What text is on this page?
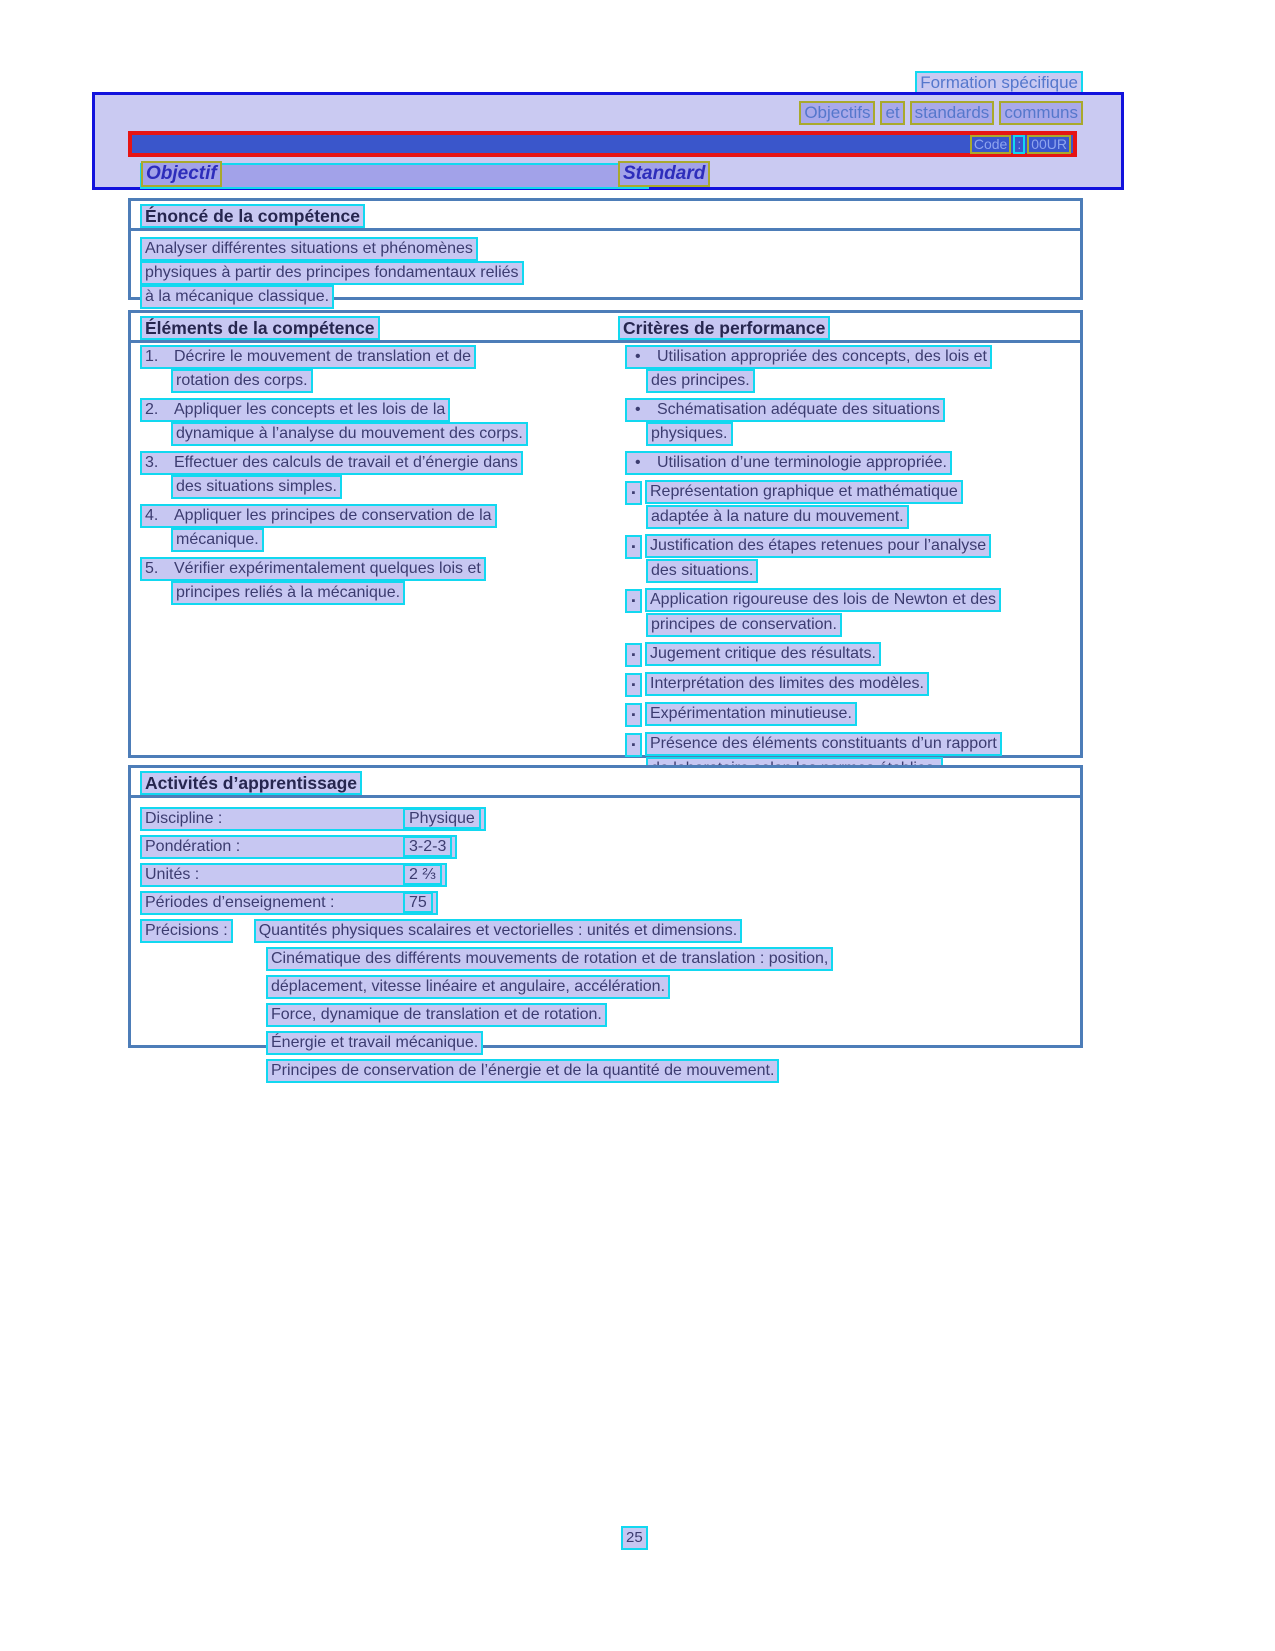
Formation spécifique
Objectifs et standards communs
Code : 00UR
Objectif	Standard
Énoncé de la compétence
Analyser différentes situations et phénomènes
physiques à partir des principes fondamentaux reliés
à la mécanique classique.
Éléments de la compétence	Critères de performance
1. Décrire le mouvement de translation et de
rotation des corps.
2. Appliquer les concepts et les lois de la
dynamique à l’analyse du mouvement des corps.
3. Effectuer des calculs de travail et d’énergie dans
des situations simples.
4. Appliquer les principes de conservation de la
mécanique.
5. Vérifier expérimentalement quelques lois et
principes reliés à la mécanique.
• Utilisation appropriée des concepts, des lois et
des principes.
• Schématisation adéquate des situations
physiques.
• Utilisation d’une terminologie appropriée.
▪ Représentation graphique et mathématique
adaptée à la nature du mouvement.
▪ Justification des étapes retenues pour l’analyse
des situations.
▪ Application rigoureuse des lois de Newton et des
principes de conservation.
▪ Jugement critique des résultats.
▪ Interprétation des limites des modèles.
▪ Expérimentation minutieuse.
▪ Présence des éléments constituants d’un rapport
Activités d’apprentissage
Discipline :	Physique
Pondération :	3-2-3
Unités :	2 ⅔
Périodes d’enseignement :	75
Précisions : Quantités physiques scalaires et vectorielles : unités et dimensions.
Cinématique des différents mouvements de rotation et de translation : position,
déplacement, vitesse linéaire et angulaire, accélération.
Force, dynamique de translation et de rotation.
Énergie et travail mécanique.
Principes de conservation de l’énergie et de la quantité de mouvement.
25
